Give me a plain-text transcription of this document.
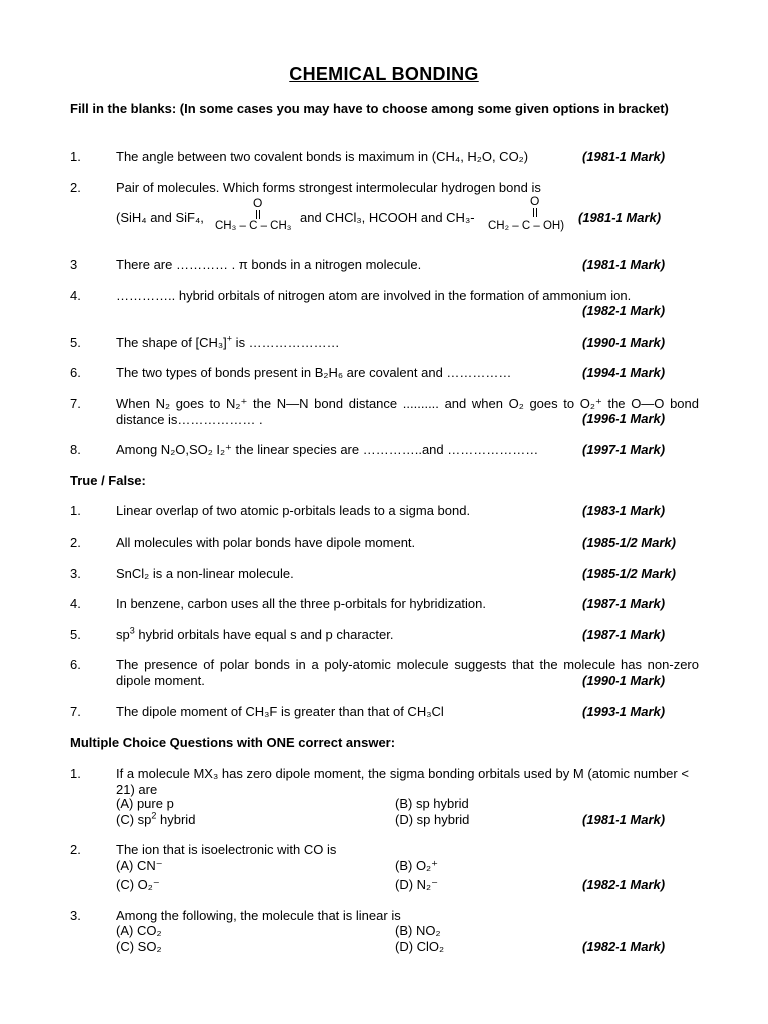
CHEMICAL BONDING
Fill in the blanks: (In some cases you may have to choose among some given options in bracket)
1.	The angle between two covalent bonds is maximum in (CH₄, H₂O, CO₂)	(1981-1 Mark)
2.	Pair of molecules. Which forms strongest intermolecular hydrogen bond is
(SiH₄ and SiF₄,
O
CH₃ – C – CH₃
and CHCl₃, HCOOH and CH₃-
O
CH₂ – C – OH)
(1981-1 Mark)
3	There are ………… . π bonds in a nitrogen molecule.	(1981-1 Mark)
4.	………….. hybrid orbitals of nitrogen atom are involved in the formation of ammonium ion.
(1982-1 Mark)
5.	The shape of [CH₃]+ is …………………	(1990-1 Mark)
6.	The two types of bonds present in B₂H₆ are covalent and ……………	(1994-1 Mark)
7.	When N₂ goes to N₂⁺ the N—N bond distance .......... and when O₂ goes to O₂⁺ the O—O bond distance is……………… .	(1996-1 Mark)
8.	Among N₂O,SO₂ I₂⁺ the linear species are …………..and …………………	(1997-1 Mark)
True / False:
1.	Linear overlap of two atomic p-orbitals leads to a sigma bond.	(1983-1 Mark)
2.	All molecules with polar bonds have dipole moment.	(1985-1/2 Mark)
3.	SnCl₂ is a non-linear molecule.	(1985-1/2 Mark)
4.	In benzene, carbon uses all the three p-orbitals for hybridization.	(1987-1 Mark)
5.	$sp^3$ hybrid orbitals have equal s and p character.	(1987-1 Mark)
6.	The presence of polar bonds in a poly-atomic molecule suggests that the molecule has non-zero dipole moment.	(1990-1 Mark)
7.	The dipole moment of CH₃F is greater than that of CH₃Cl	(1993-1 Mark)
Multiple Choice Questions with ONE correct answer:
1.	If a molecule MX₃ has zero dipole moment, the sigma bonding orbitals used by M (atomic number < 21) are
(A) pure p	(B) sp hybrid
(C) $sp^2$ hybrid	(D) sp hybrid	(1981-1 Mark)
2.	The ion that is isoelectronic with CO is
(A) CN⁻	(B) O₂⁺
(C) O₂⁻	(D) N₂⁻	(1982-1 Mark)
3.	Among the following, the molecule that is linear is
(A) CO₂	(B) NO₂
(C) SO₂	(D) ClO₂	(1982-1 Mark)
